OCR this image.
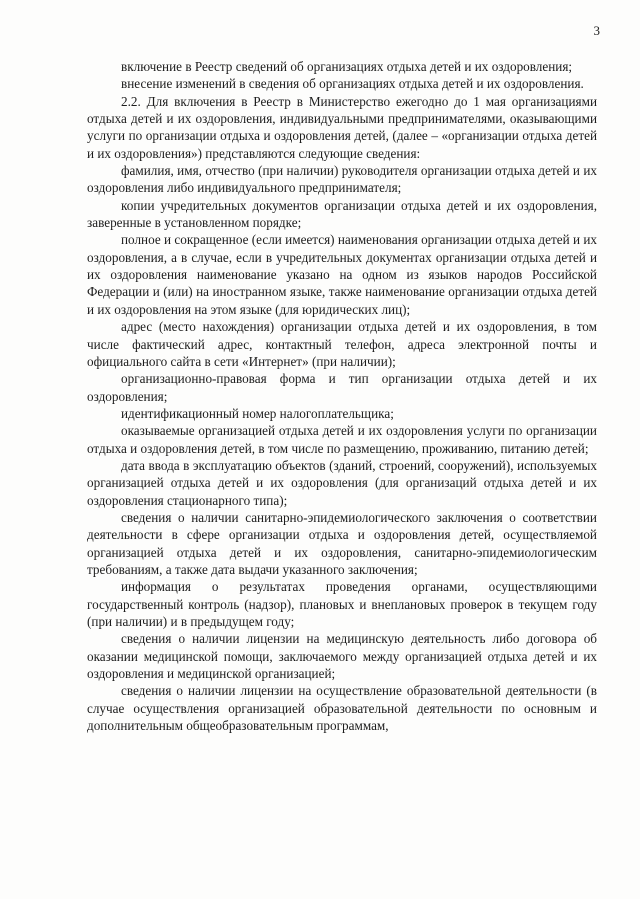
3

включение в Реестр сведений об организациях отдыха детей и их оздоровления;

внесение изменений в сведения об организациях отдыха детей и их оздоровления.

2.2. Для включения в Реестр в Министерство ежегодно до 1 мая организациями отдыха детей и их оздоровления, индивидуальными предпринимателями, оказывающими услуги по организации отдыха и оздоровления детей, (далее – «организации отдыха детей и их оздоровления») представляются следующие сведения:

фамилия, имя, отчество (при наличии) руководителя организации отдыха детей и их оздоровления либо индивидуального предпринимателя;

копии учредительных документов организации отдыха детей и их оздоровления, заверенные в установленном порядке;

полное и сокращенное (если имеется) наименования организации отдыха детей и их оздоровления, а в случае, если в учредительных документах организации отдыха детей и их оздоровления наименование указано на одном из языков народов Российской Федерации и (или) на иностранном языке, также наименование организации отдыха детей и их оздоровления на этом языке (для юридических лиц);

адрес (место нахождения) организации отдыха детей и их оздоровления, в том числе фактический адрес, контактный телефон, адреса электронной почты и официального сайта в сети «Интернет» (при наличии);

организационно-правовая форма и тип организации отдыха детей и их оздоровления;

идентификационный номер налогоплательщика;

оказываемые организацией отдыха детей и их оздоровления услуги по организации отдыха и оздоровления детей, в том числе по размещению, проживанию, питанию детей;

дата ввода в эксплуатацию объектов (зданий, строений, сооружений), используемых организацией отдыха детей и их оздоровления (для организаций отдыха детей и их оздоровления стационарного типа);

сведения о наличии санитарно-эпидемиологического заключения о соответствии деятельности в сфере организации отдыха и оздоровления детей, осуществляемой организацией отдыха детей и их оздоровления, санитарно-эпидемиологическим требованиям, а также дата выдачи указанного заключения;

информация о результатах проведения органами, осуществляющими государственный контроль (надзор), плановых и внеплановых проверок в текущем году (при наличии) и в предыдущем году;

сведения о наличии лицензии на медицинскую деятельность либо договора об оказании медицинской помощи, заключаемого между организацией отдыха детей и их оздоровления и медицинской организацией;

сведения о наличии лицензии на осуществление образовательной деятельности (в случае осуществления организацией образовательной деятельности по основным и дополнительным общеобразовательным программам,
